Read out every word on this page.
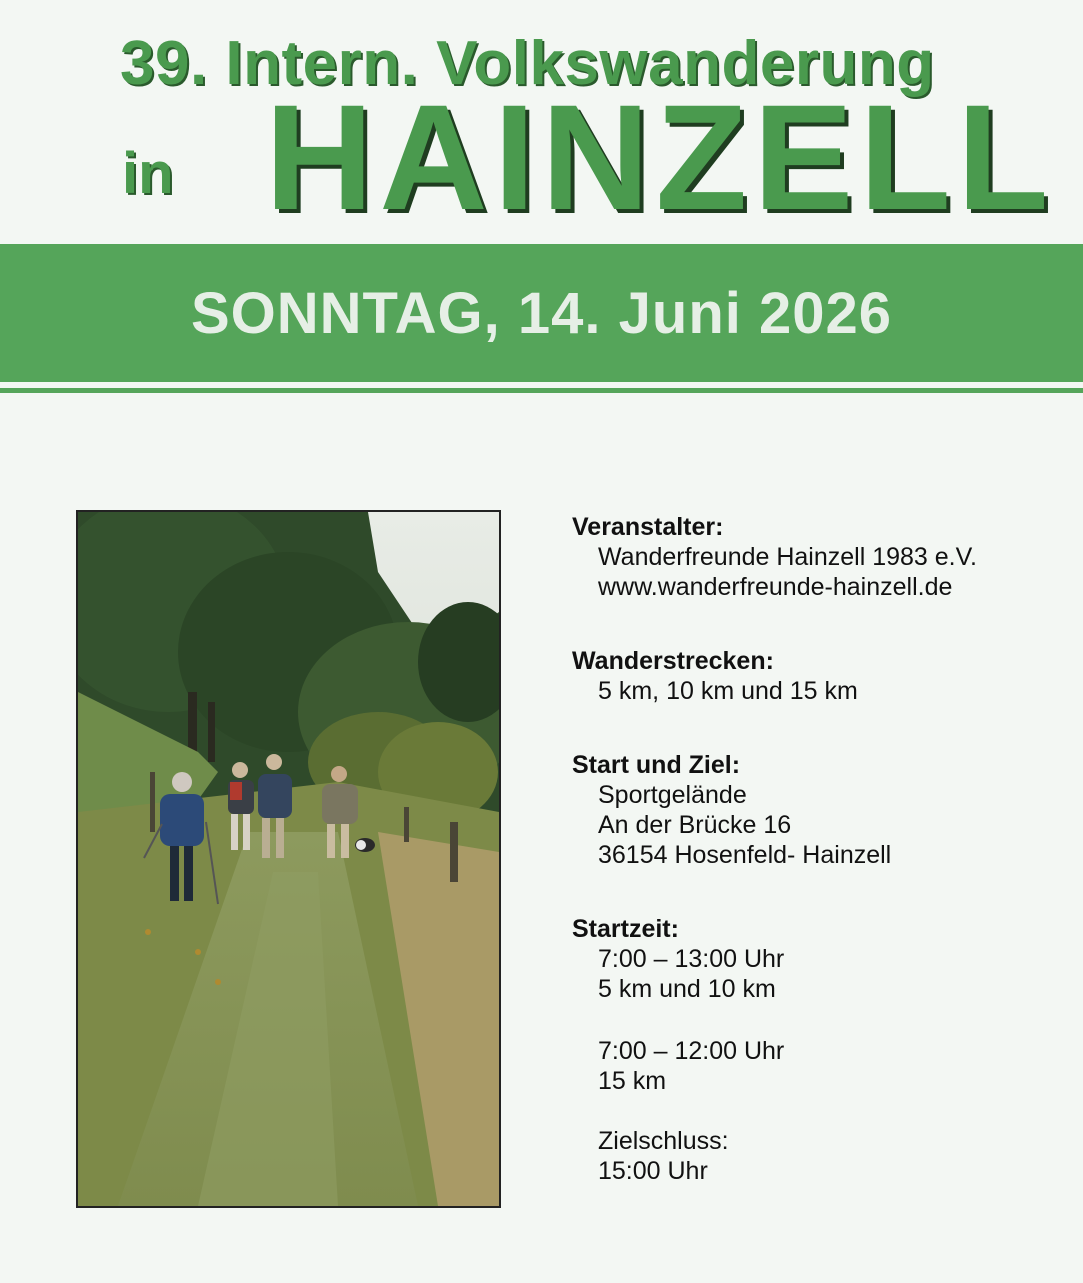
39. Intern. Volkswanderung
in HAINZELL
SONNTAG, 14. Juni 2026
Veranstalter:
Wanderfreunde Hainzell 1983 e.V.
www.wanderfreunde-hainzell.de
Wanderstrecken:
5 km, 10 km und 15 km
Start und Ziel:
Sportgelände
An der Brücke 16
36154 Hosenfeld- Hainzell
Startzeit:
7:00 – 13:00 Uhr
5 km und 10 km
7:00 – 12:00 Uhr
15 km
Zielschluss:
15:00 Uhr
